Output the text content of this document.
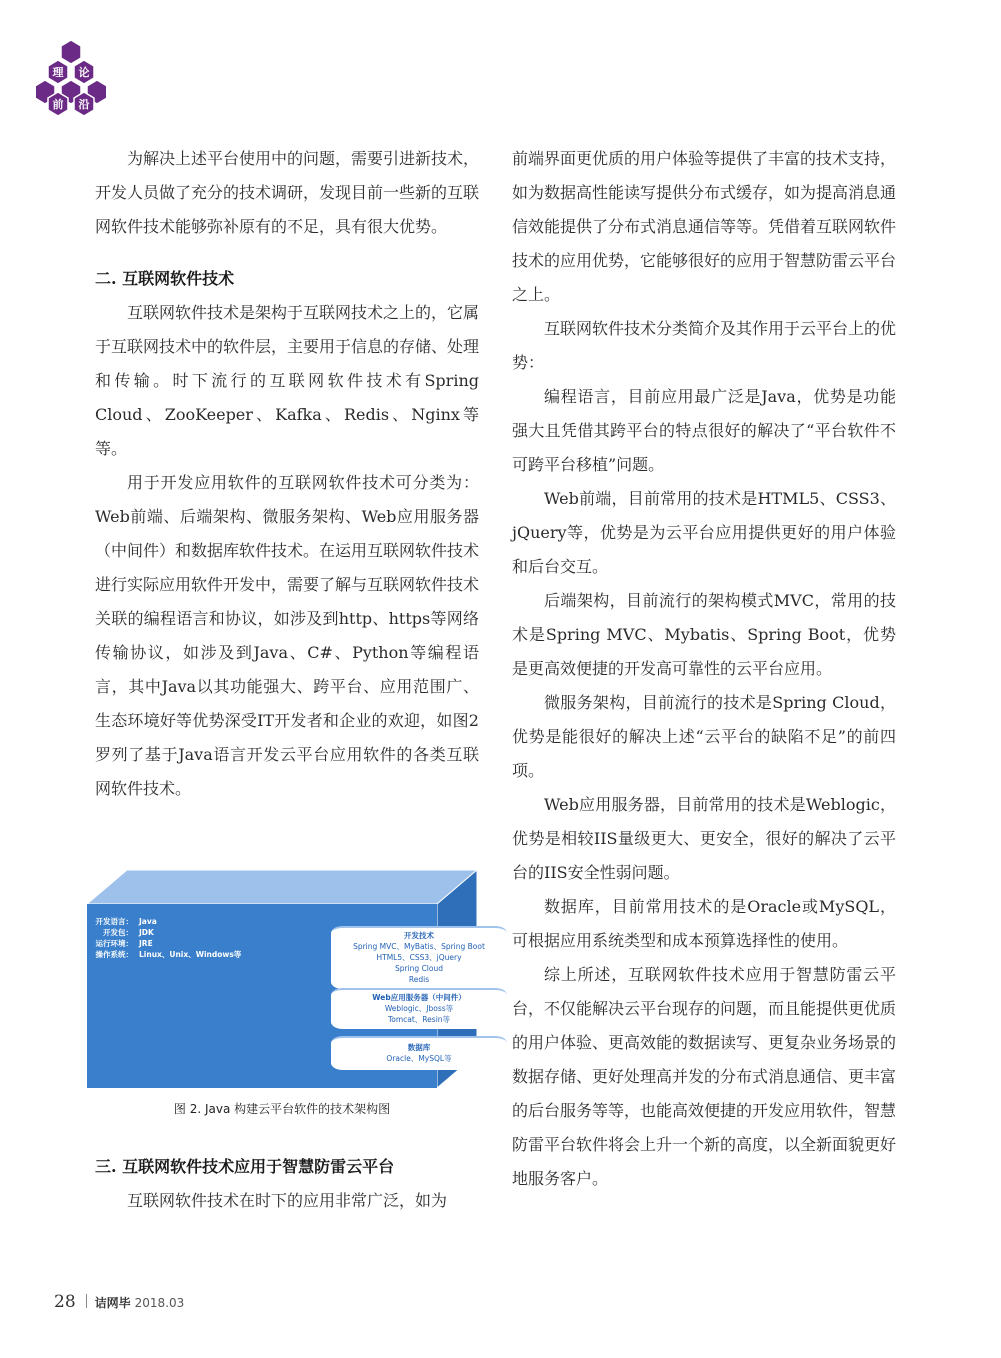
理 论
前 沿

为解决上述平台使用中的问题，需要引进新技术，开发人员做了充分的技术调研，发现目前一些新的互联网软件技术能够弥补原有的不足，具有很大优势。

二. 互联网软件技术

互联网软件技术是架构于互联网技术之上的，它属于互联网技术中的软件层，主要用于信息的存储、处理和传输。时下流行的互联网软件技术有Spring Cloud、ZooKeeper、Kafka、Redis、Nginx等等。

用于开发应用软件的互联网软件技术可分类为：Web前端、后端架构、微服务架构、Web应用服务器（中间件）和数据库软件技术。在运用互联网软件技术进行实际应用软件开发中，需要了解与互联网软件技术关联的编程语言和协议，如涉及到http、https等网络传输协议，如涉及到Java、C#、Python等编程语言，其中Java以其功能强大、跨平台、应用范围广、生态环境好等优势深受IT开发者和企业的欢迎，如图2罗列了基于Java语言开发云平台应用软件的各类互联网软件技术。

开发语言： Java
开发包： JDK
运行环境： JRE
操作系统： Linux、Unix、Windows等
开发技术
Spring MVC、MyBatis、Spring Boot
HTML5、CSS3、jQuery
Spring Cloud
Redis
Web应用服务器（中间件）
Weblogic、Jboss等
Tomcat、Resin等
数据库
Oracle、MySQL等
图 2. Java 构建云平台软件的技术架构图
三. 互联网软件技术应用于智慧防雷云平台

互联网软件技术在时下的应用非常广泛，如为

前端界面更优质的用户体验等提供了丰富的技术支持，如为数据高性能读写提供分布式缓存，如为提高消息通信效能提供了分布式消息通信等等。凭借着互联网软件技术的应用优势，它能够很好的应用于智慧防雷云平台之上。

互联网软件技术分类简介及其作用于云平台上的优势：

编程语言，目前应用最广泛是Java，优势是功能强大且凭借其跨平台的特点很好的解决了“平台软件不可跨平台移植”问题。

Web前端，目前常用的技术是HTML5、CSS3、jQuery等，优势是为云平台应用提供更好的用户体验和后台交互。

后端架构，目前流行的架构模式MVC，常用的技术是Spring MVC、Mybatis、Spring Boot，优势是更高效便捷的开发高可靠性的云平台应用。

微服务架构，目前流行的技术是Spring Cloud，优势是能很好的解决上述“云平台的缺陷不足”的前四项。

Web应用服务器，目前常用的技术是Weblogic，优势是相较IIS量级更大、更安全，很好的解决了云平台的IIS安全性弱问题。

数据库，目前常用技术的是Oracle或MySQL，可根据应用系统类型和成本预算选择性的使用。

综上所述，互联网软件技术应用于智慧防雷云平台，不仅能解决云平台现存的问题，而且能提供更优质的用户体验、更高效能的数据读写、更复杂业务场景的数据存储、更好处理高并发的分布式消息通信、更丰富的后台服务等等，也能高效便捷的开发应用软件，智慧防雷平台软件将会上升一个新的高度，以全新面貌更好地服务客户。

28 诘网毕 2018.03
